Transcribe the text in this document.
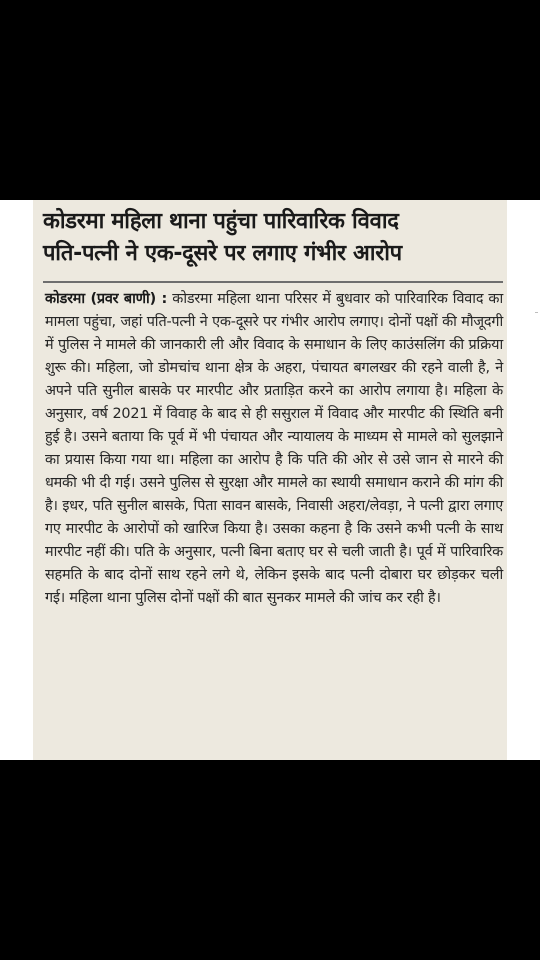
कोडरमा महिला थाना पहुंचा पारिवारिक विवाद
पति-पत्नी ने एक-दूसरे पर लगाए गंभीर आरोप

कोडरमा (प्रवर बाणी) : कोडरमा महिला थाना परिसर में बुधवार को पारिवारिक विवाद का मामला पहुंचा, जहां पति-पत्नी ने एक-दूसरे पर गंभीर आरोप लगाए। दोनों पक्षों की मौजूदगी में पुलिस ने मामले की जानकारी ली और विवाद के समाधान के लिए काउंसलिंग की प्रक्रिया शुरू की। महिला, जो डोमचांच थाना क्षेत्र के अहरा, पंचायत बगलखर की रहने वाली है, ने अपने पति सुनील बासके पर मारपीट और प्रताड़ित करने का आरोप लगाया है। महिला के अनुसार, वर्ष 2021 में विवाह के बाद से ही ससुराल में विवाद और मारपीट की स्थिति बनी हुई है। उसने बताया कि पूर्व में भी पंचायत और न्यायालय के माध्यम से मामले को सुलझाने का प्रयास किया गया था। महिला का आरोप है कि पति की ओर से उसे जान से मारने की धमकी भी दी गई। उसने पुलिस से सुरक्षा और मामले का स्थायी समाधान कराने की मांग की है। इधर, पति सुनील बासके, पिता सावन बासके, निवासी अहरा/लेवड़ा, ने पत्नी द्वारा लगाए गए मारपीट के आरोपों को खारिज किया है। उसका कहना है कि उसने कभी पत्नी के साथ मारपीट नहीं की। पति के अनुसार, पत्नी बिना बताए घर से चली जाती है। पूर्व में पारिवारिक सहमति के बाद दोनों साथ रहने लगे थे, लेकिन इसके बाद पत्नी दोबारा घर छोड़कर चली गई। महिला थाना पुलिस दोनों पक्षों की बात सुनकर मामले की जांच कर रही है।
